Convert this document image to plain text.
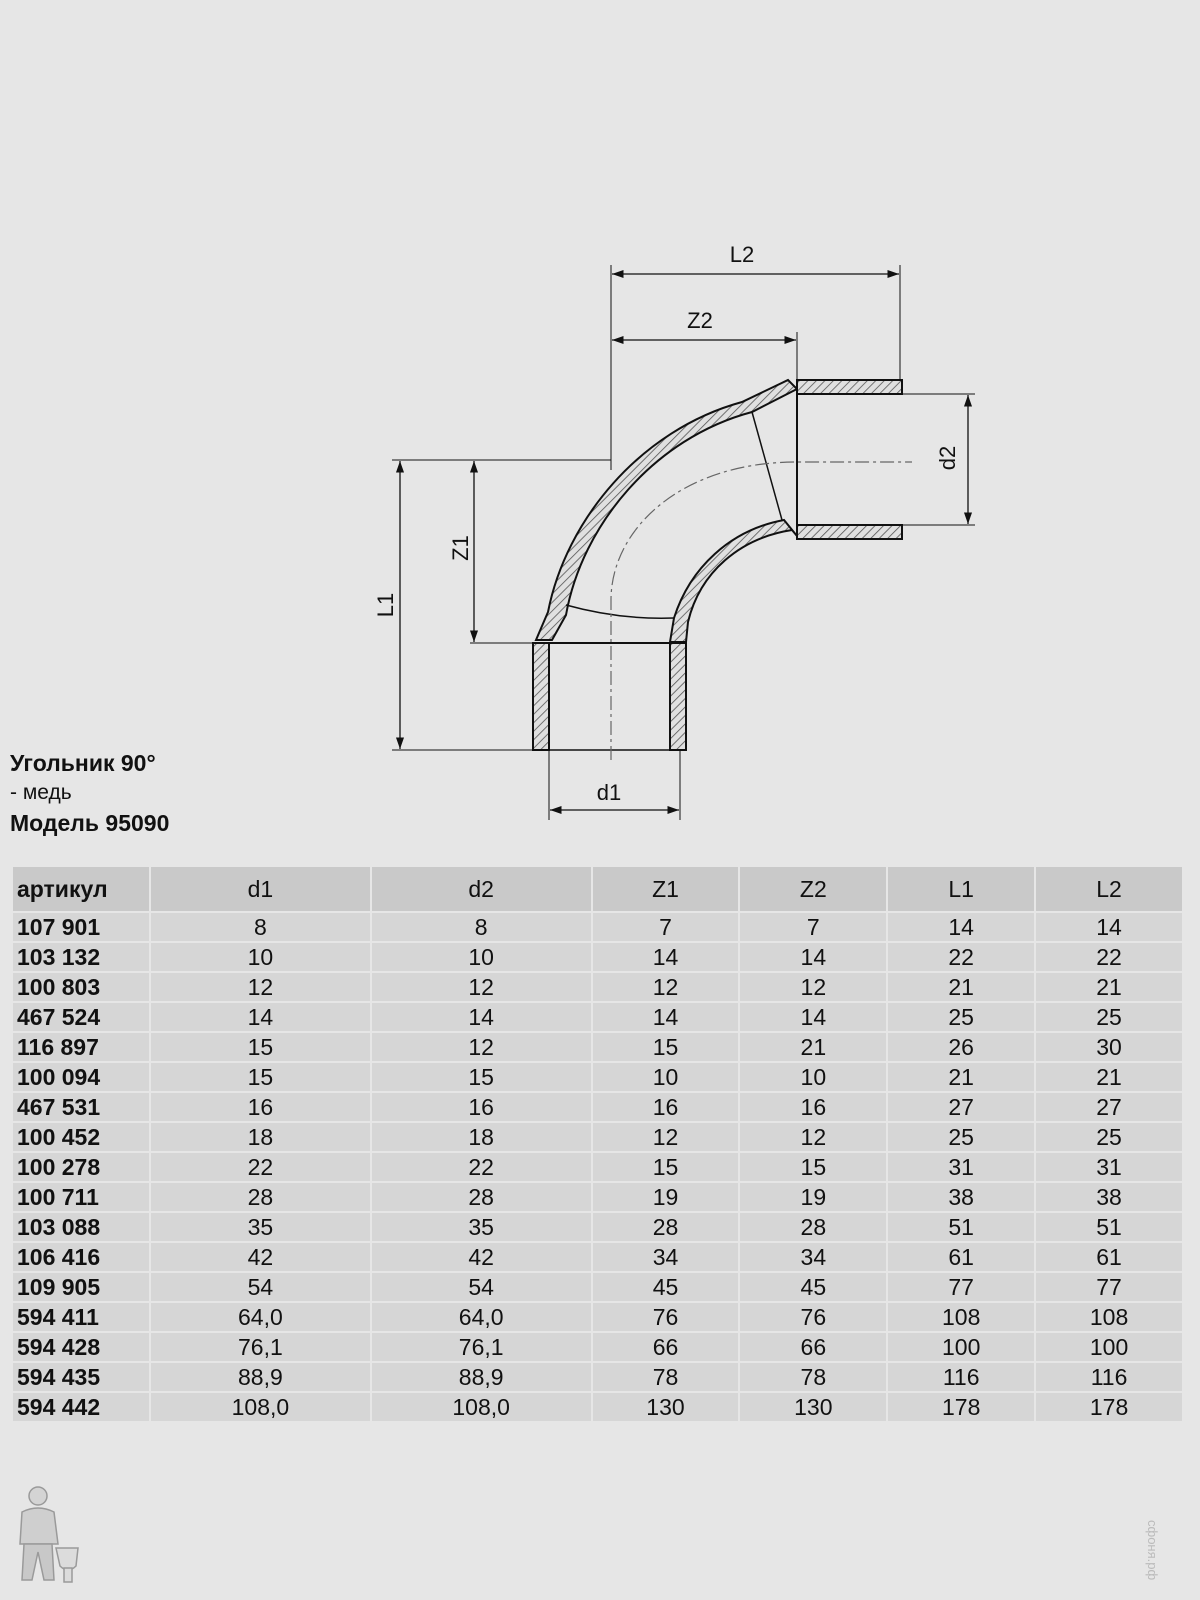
L2
Z2
d2
Z1
L1
d1
Угольник 90°
- медь
Модель 95090
артикул	d1	d2	Z1	Z2	L1	L2
107 901	8	8	7	7	14	14
103 132	10	10	14	14	22	22
100 803	12	12	12	12	21	21
467 524	14	14	14	14	25	25
116 897	15	12	15	21	26	30
100 094	15	15	10	10	21	21
467 531	16	16	16	16	27	27
100 452	18	18	12	12	25	25
100 278	22	22	15	15	31	31
100 711	28	28	19	19	38	38
103 088	35	35	28	28	51	51
106 416	42	42	34	34	61	61
109 905	54	54	45	45	77	77
594 411	64,0	64,0	76	76	108	108
594 428	76,1	76,1	66	66	100	100
594 435	88,9	88,9	78	78	116	116
594 442	108,0	108,0	130	130	178	178
сфоня.рф
